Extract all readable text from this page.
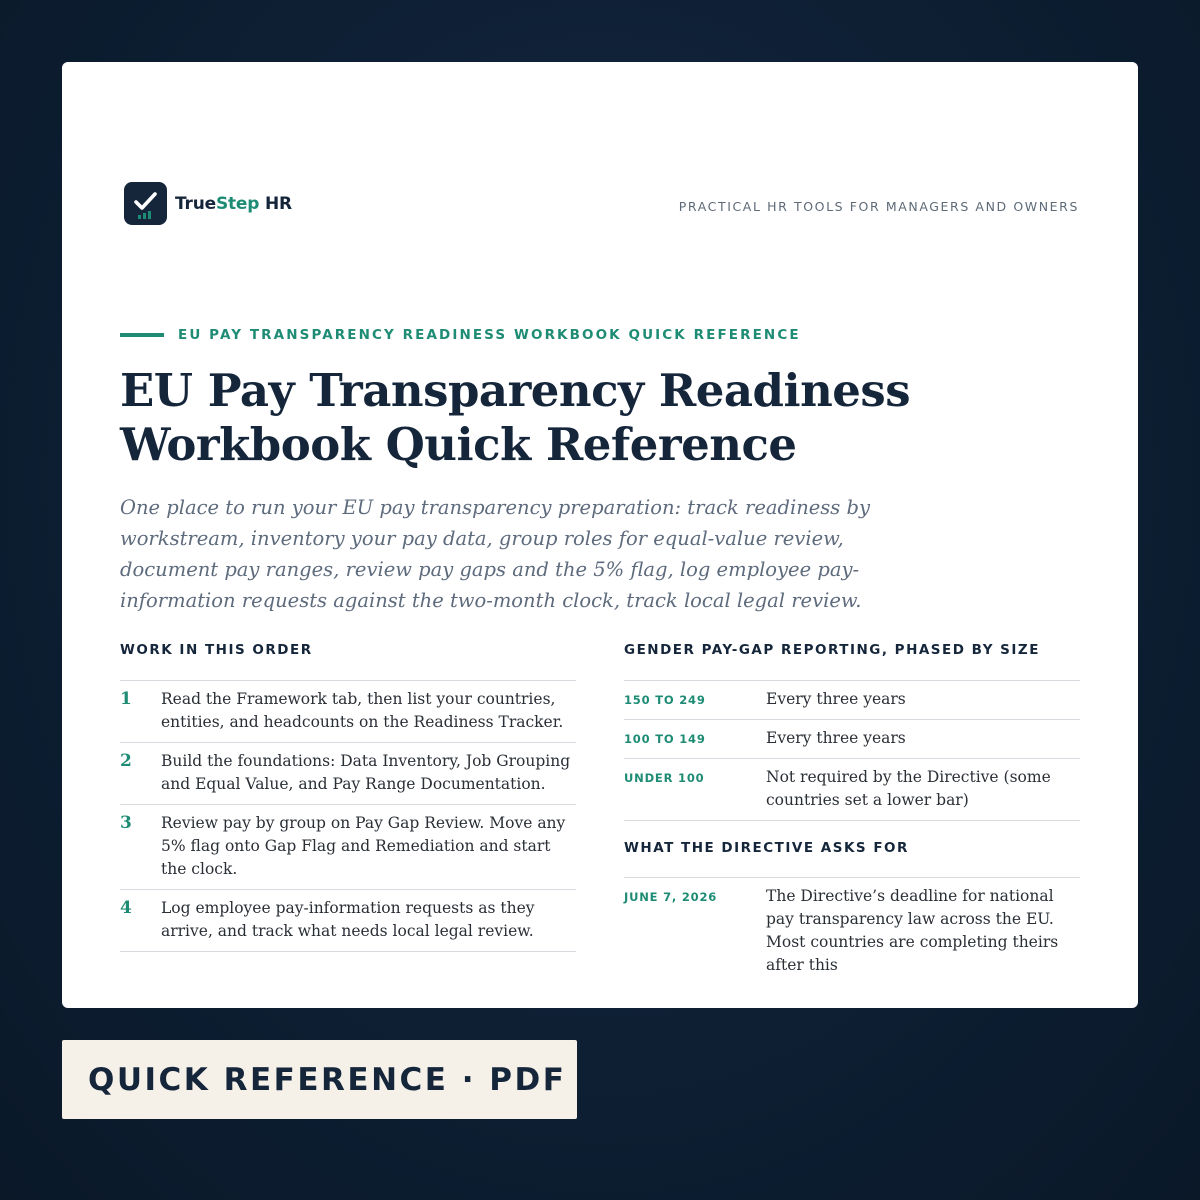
TrueStep HR	PRACTICAL HR TOOLS FOR MANAGERS AND OWNERS
EU PAY TRANSPARENCY READINESS WORKBOOK QUICK REFERENCE
EU Pay Transparency Readiness Workbook Quick Reference

One place to run your EU pay transparency preparation: track readiness by workstream, inventory your pay data, group roles for equal-value review, document pay ranges, review pay gaps and the 5% flag, log employee pay-information requests against the two-month clock, track local legal review.

WORK IN THIS ORDER
1	Read the Framework tab, then list your countries, entities, and headcounts on the Readiness Tracker.
2	Build the foundations: Data Inventory, Job Grouping and Equal Value, and Pay Range Documentation.
3	Review pay by group on Pay Gap Review. Move any 5% flag onto Gap Flag and Remediation and start the clock.
4	Log employee pay-information requests as they arrive, and track what needs local legal review.
GENDER PAY-GAP REPORTING, PHASED BY SIZE
150 TO 249	Every three years
100 TO 149	Every three years
UNDER 100	Not required by the Directive (some countries set a lower bar)
WHAT THE DIRECTIVE ASKS FOR
JUNE 7, 2026	The Directive’s deadline for national pay transparency law across the EU. Most countries are completing theirs after this
QUICK REFERENCE · PDF
